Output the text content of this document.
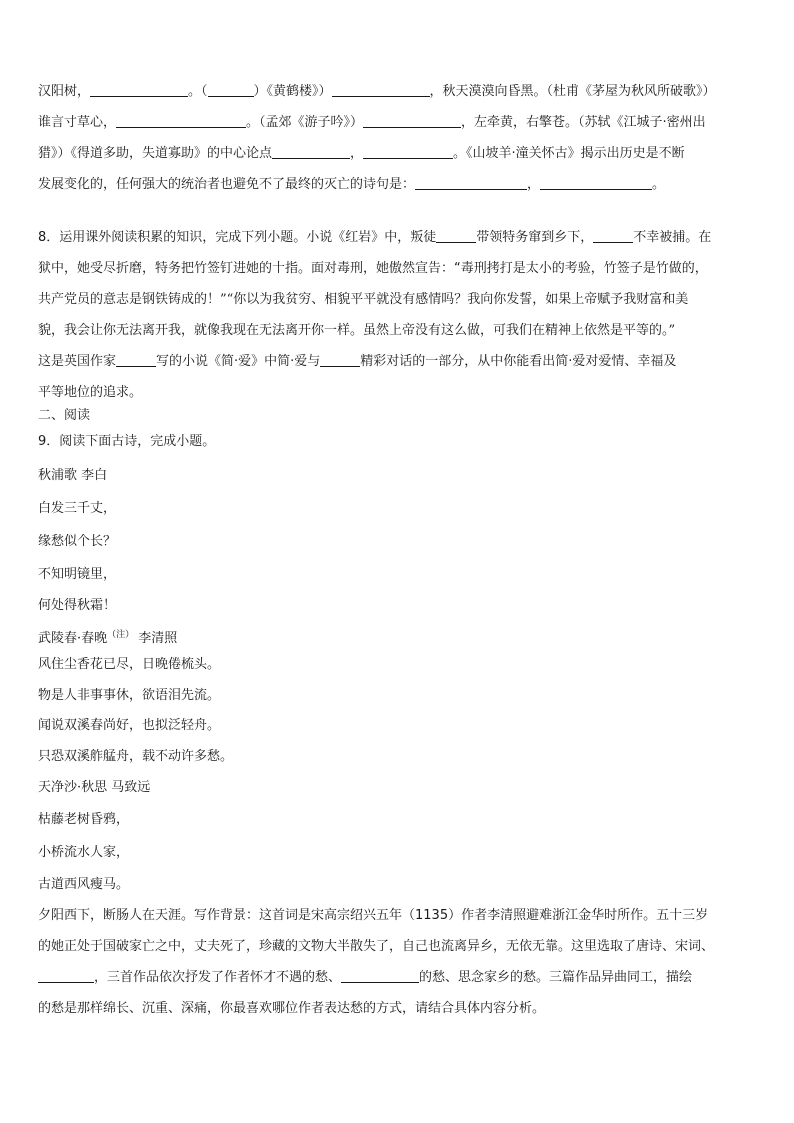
汉阳树，	。（	）《黄鹤楼》）	，秋天漠漠向昏黑。（杜甫《茅屋为秋风所破歌》）
谁言寸草心，	。（孟郊《游子吟》）	，左牵黄，右擎苍。（苏轼《江城子·密州出
猎》）《得道多助，失道寡助》的中心论点	，	。《山坡羊·潼关怀古》揭示出历史是不断
发展变化的，任何强大的统治者也避免不了最终的灭亡的诗句是：	，	。
8．运用课外阅读积累的知识，完成下列小题。小说《红岩》中，叛徒	带领特务窜到乡下，	不幸被捕。在
狱中，她受尽折磨，特务把竹签钉进她的十指。面对毒刑，她傲然宣告：“毒刑拷打是太小的考验，竹签子是竹做的，
共产党员的意志是钢铁铸成的！”“你以为我贫穷、相貌平平就没有感情吗？我向你发誓，如果上帝赋予我财富和美
貌，我会让你无法离开我，就像我现在无法离开你一样。虽然上帝没有这么做，可我们在精神上依然是平等的。”
这是英国作家	写的小说《简·爱》中简·爱与	精彩对话的一部分，从中你能看出简·爱对爱情、幸福及
平等地位的追求。
二、阅读
9．阅读下面古诗，完成小题。
秋浦歌 李白
白发三千丈，
缘愁似个长？
不知明镜里，
何处得秋霜！
武陵春·春晚$^{(注)}$ 李清照
风住尘香花已尽，日晚倦梳头。
物是人非事事休，欲语泪先流。
闻说双溪春尚好，也拟泛轻舟。
只恐双溪舴艋舟，载不动许多愁。
天净沙·秋思 马致远
枯藤老树昏鸦，
小桥流水人家，
古道西风瘦马。
夕阳西下，断肠人在天涯。写作背景：这首词是宋高宗绍兴五年（1135）作者李清照避难浙江金华时所作。五十三岁
的她正处于国破家亡之中，丈夫死了，珍藏的文物大半散失了，自己也流离异乡，无依无靠。这里选取了唐诗、宋词、
，三首作品依次抒发了作者怀才不遇的愁、	的愁、思念家乡的愁。三篇作品异曲同工，描绘
的愁是那样绵长、沉重、深痛，你最喜欢哪位作者表达愁的方式，请结合具体内容分析。
